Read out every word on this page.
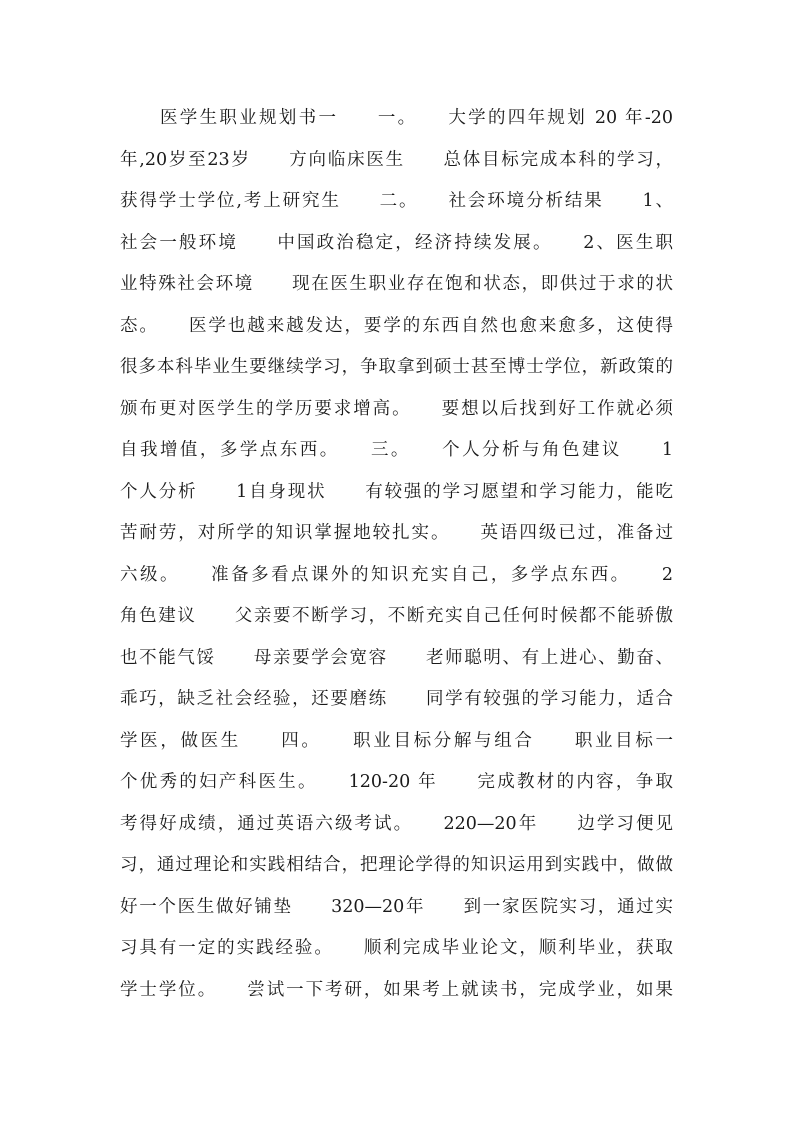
医学生职业规划书一　　一。　　大学的四年规划 20 年-20
年,20岁至23岁　　方向临床医生　　总体目标完成本科的学习，
获得学士学位,考上研究生　　二。　　社会环境分析结果　　1、
社会一般环境　　中国政治稳定，经济持续发展。　　2、医生职
业特殊社会环境　　现在医生职业存在饱和状态，即供过于求的状
态。　　医学也越来越发达，要学的东西自然也愈来愈多，这使得
很多本科毕业生要继续学习，争取拿到硕士甚至博士学位，新政策的
颁布更对医学生的学历要求增高。　　要想以后找到好工作就必须
自我增值，多学点东西。　　三。　　个人分析与角色建议　　1
个人分析　　1自身现状　　有较强的学习愿望和学习能力，能吃
苦耐劳，对所学的知识掌握地较扎实。　　英语四级已过，准备过
六级。　　准备多看点课外的知识充实自己，多学点东西。　　2
角色建议　　父亲要不断学习，不断充实自己任何时候都不能骄傲
也不能气馁　　母亲要学会宽容　　老师聪明、有上进心、勤奋、
乖巧，缺乏社会经验，还要磨练　　同学有较强的学习能力，适合
学医，做医生　　四。　　职业目标分解与组合　　职业目标一
个优秀的妇产科医生。　　120-20 年　　完成教材的内容，争取
考得好成绩，通过英语六级考试。　　220—20年　　边学习便见
习，通过理论和实践相结合，把理论学得的知识运用到实践中，做做
好一个医生做好铺垫　　320—20年　　到一家医院实习，通过实
习具有一定的实践经验。　　顺利完成毕业论文，顺利毕业，获取
学士学位。　　尝试一下考研，如果考上就读书，完成学业，如果
